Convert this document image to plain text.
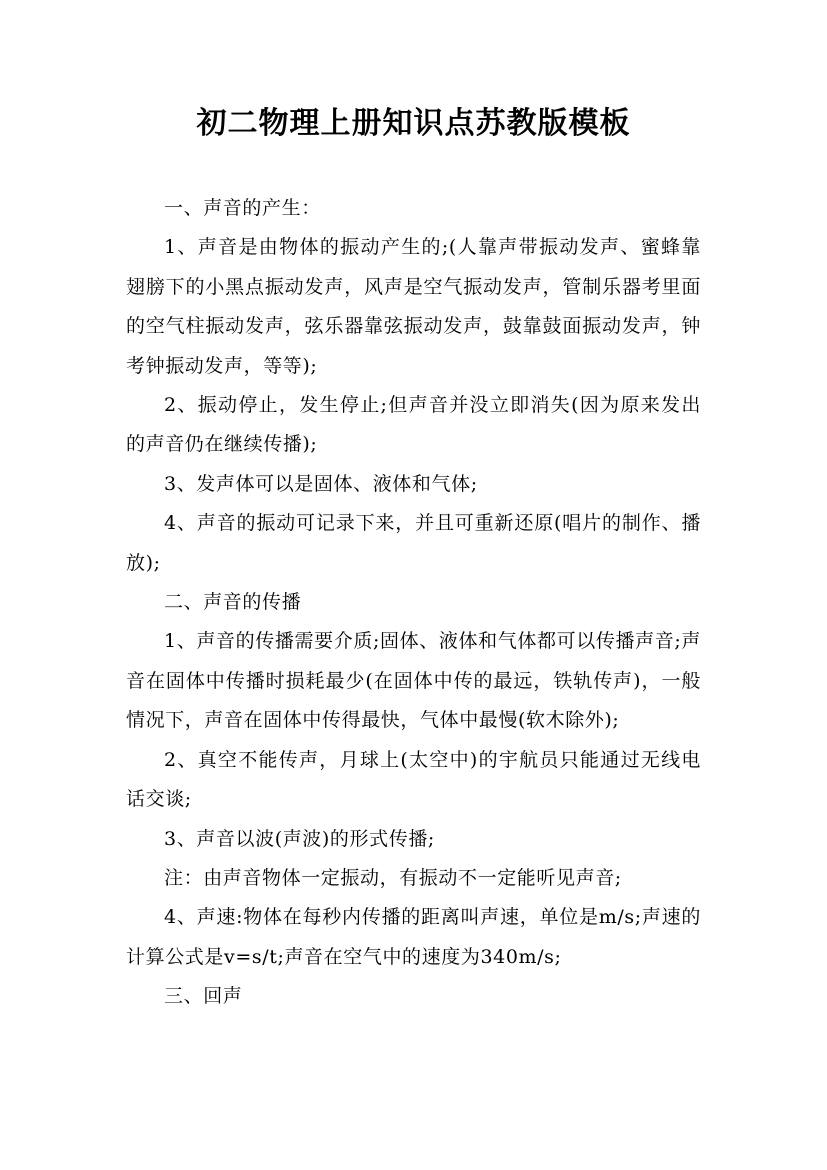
初二物理上册知识点苏教版模板

一、声音的产生：

1、声音是由物体的振动产生的;(人靠声带振动发声、蜜蜂靠翅膀下的小黑点振动发声，风声是空气振动发声，管制乐器考里面的空气柱振动发声，弦乐器靠弦振动发声，鼓靠鼓面振动发声，钟考钟振动发声，等等);

2、振动停止，发生停止;但声音并没立即消失(因为原来发出的声音仍在继续传播);

3、发声体可以是固体、液体和气体;

4、声音的振动可记录下来，并且可重新还原(唱片的制作、播放);

二、声音的传播

1、声音的传播需要介质;固体、液体和气体都可以传播声音;声音在固体中传播时损耗最少(在固体中传的最远，铁轨传声)，一般情况下，声音在固体中传得最快，气体中最慢(软木除外);

2、真空不能传声，月球上(太空中)的宇航员只能通过无线电话交谈;

3、声音以波(声波)的形式传播;

注：由声音物体一定振动，有振动不一定能听见声音;

4、声速:物体在每秒内传播的距离叫声速，单位是m/s;声速的计算公式是v=s/t;声音在空气中的速度为340m/s;

三、回声
